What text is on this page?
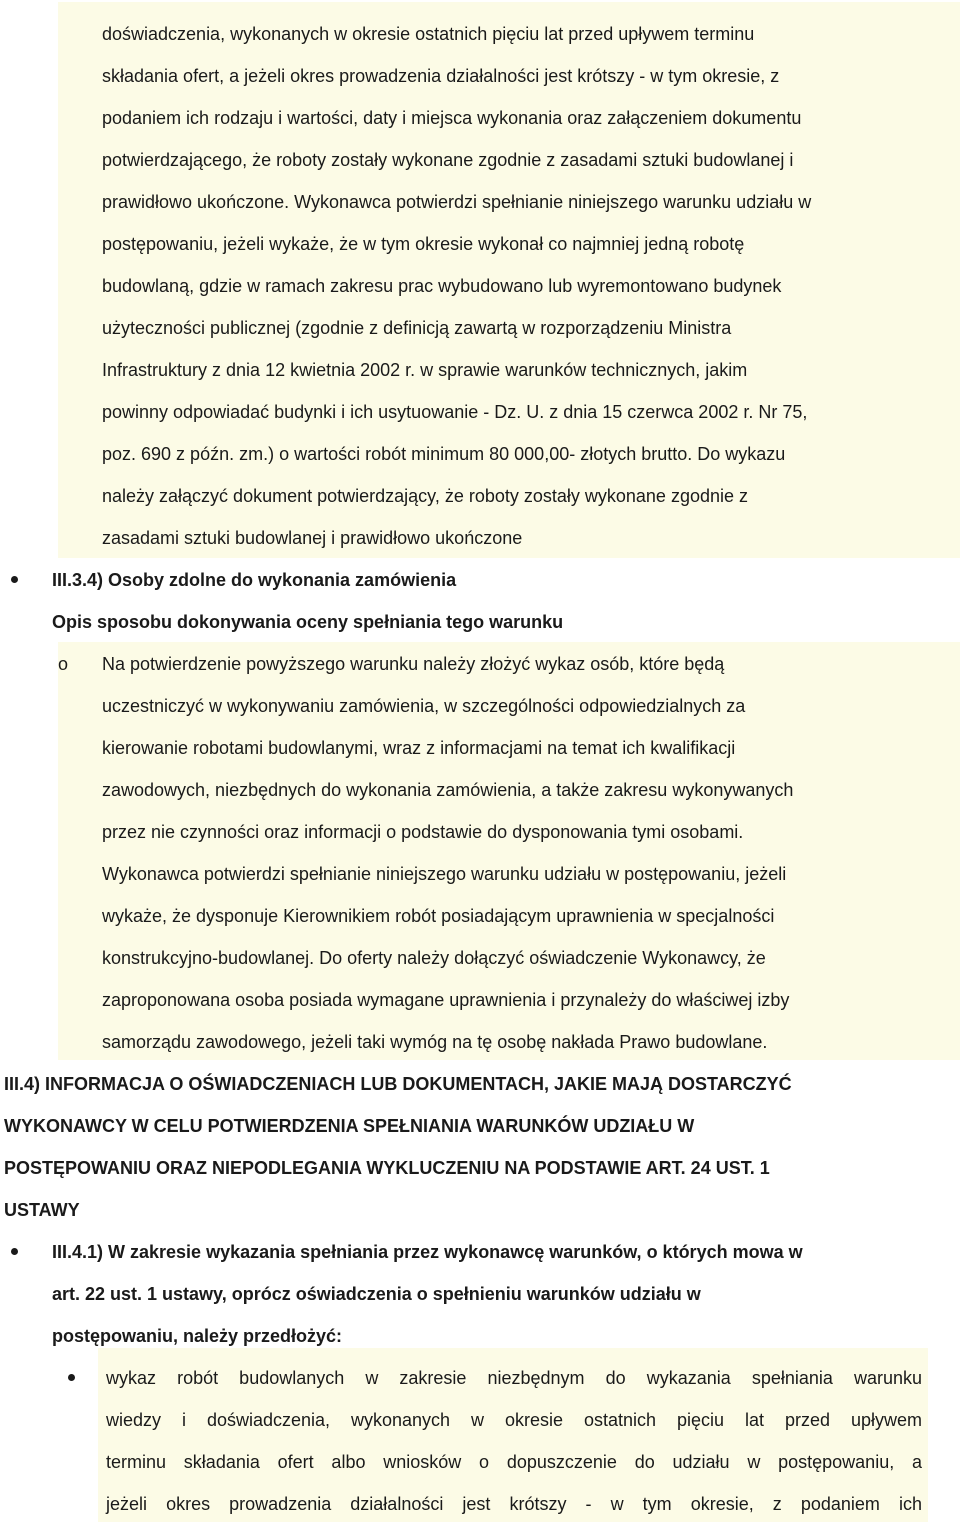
doświadczenia, wykonanych w okresie ostatnich pięciu lat przed upływem terminu
składania ofert, a jeżeli okres prowadzenia działalności jest krótszy - w tym okresie, z
podaniem ich rodzaju i wartości, daty i miejsca wykonania oraz załączeniem dokumentu
potwierdzającego, że roboty zostały wykonane zgodnie z zasadami sztuki budowlanej i
prawidłowo ukończone. Wykonawca potwierdzi spełnianie niniejszego warunku udziału w
postępowaniu, jeżeli wykaże, że w tym okresie wykonał co najmniej jedną robotę
budowlaną, gdzie w ramach zakresu prac wybudowano lub wyremontowano budynek
użyteczności publicznej (zgodnie z definicją zawartą w rozporządzeniu Ministra
Infrastruktury z dnia 12 kwietnia 2002 r. w sprawie warunków technicznych, jakim
powinny odpowiadać budynki i ich usytuowanie - Dz. U. z dnia 15 czerwca 2002 r. Nr 75,
poz. 690 z późn. zm.) o wartości robót minimum 80 000,00- złotych brutto. Do wykazu
należy załączyć dokument potwierdzający, że roboty zostały wykonane zgodnie z
zasadami sztuki budowlanej i prawidłowo ukończone
III.3.4) Osoby zdolne do wykonania zamówienia
Opis sposobu dokonywania oceny spełniania tego warunku
o Na potwierdzenie powyższego warunku należy złożyć wykaz osób, które będą
uczestniczyć w wykonywaniu zamówienia, w szczególności odpowiedzialnych za
kierowanie robotami budowlanymi, wraz z informacjami na temat ich kwalifikacji
zawodowych, niezbędnych do wykonania zamówienia, a także zakresu wykonywanych
przez nie czynności oraz informacji o podstawie do dysponowania tymi osobami.
Wykonawca potwierdzi spełnianie niniejszego warunku udziału w postępowaniu, jeżeli
wykaże, że dysponuje Kierownikiem robót posiadającym uprawnienia w specjalności
konstrukcyjno-budowlanej. Do oferty należy dołączyć oświadczenie Wykonawcy, że
zaproponowana osoba posiada wymagane uprawnienia i przynależy do właściwej izby
samorządu zawodowego, jeżeli taki wymóg na tę osobę nakłada Prawo budowlane.
III.4) INFORMACJA O OŚWIADCZENIACH LUB DOKUMENTACH, JAKIE MAJĄ DOSTARCZYĆ
WYKONAWCY W CELU POTWIERDZENIA SPEŁNIANIA WARUNKÓW UDZIAŁU W
POSTĘPOWANIU ORAZ NIEPODLEGANIA WYKLUCZENIU NA PODSTAWIE ART. 24 UST. 1
USTAWY
III.4.1) W zakresie wykazania spełniania przez wykonawcę warunków, o których mowa w
art. 22 ust. 1 ustawy, oprócz oświadczenia o spełnieniu warunków udziału w
postępowaniu, należy przedłożyć:
wykaz robót budowlanych w zakresie niezbędnym do wykazania spełniania warunku
wiedzy i doświadczenia, wykonanych w okresie ostatnich pięciu lat przed upływem
terminu składania ofert albo wniosków o dopuszczenie do udziału w postępowaniu, a
jeżeli okres prowadzenia działalności jest krótszy - w tym okresie, z podaniem ich
